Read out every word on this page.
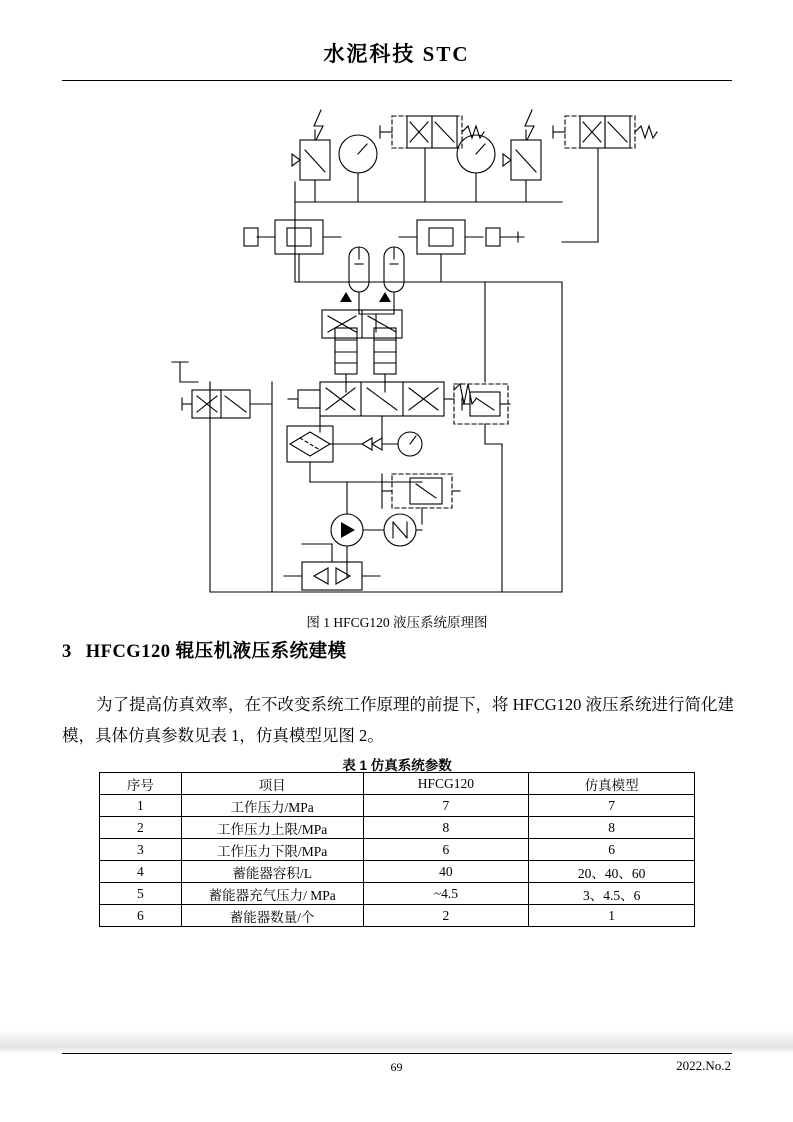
水泥科技 STC
图 1 HFCG120 液压系统原理图
3 HFCG120 辊压机液压系统建模

为了提高仿真效率，在不改变系统工作原理的前提下，将 HFCG120 液压系统进行简化建模，具体仿真参数见表 1，仿真模型见图 2。

表 1 仿真系统参数
序号	项目	HFCG120	仿真模型
1	工作压力/MPa	7	7
2	工作压力上限/MPa	8	8
3	工作压力下限/MPa	6	6
4	蓄能器容积/L	40	20、40、60
5	蓄能器充气压力/ MPa	~4.5	3、4.5、6
6	蓄能器数量/个	2	1
69	2022.No.2
